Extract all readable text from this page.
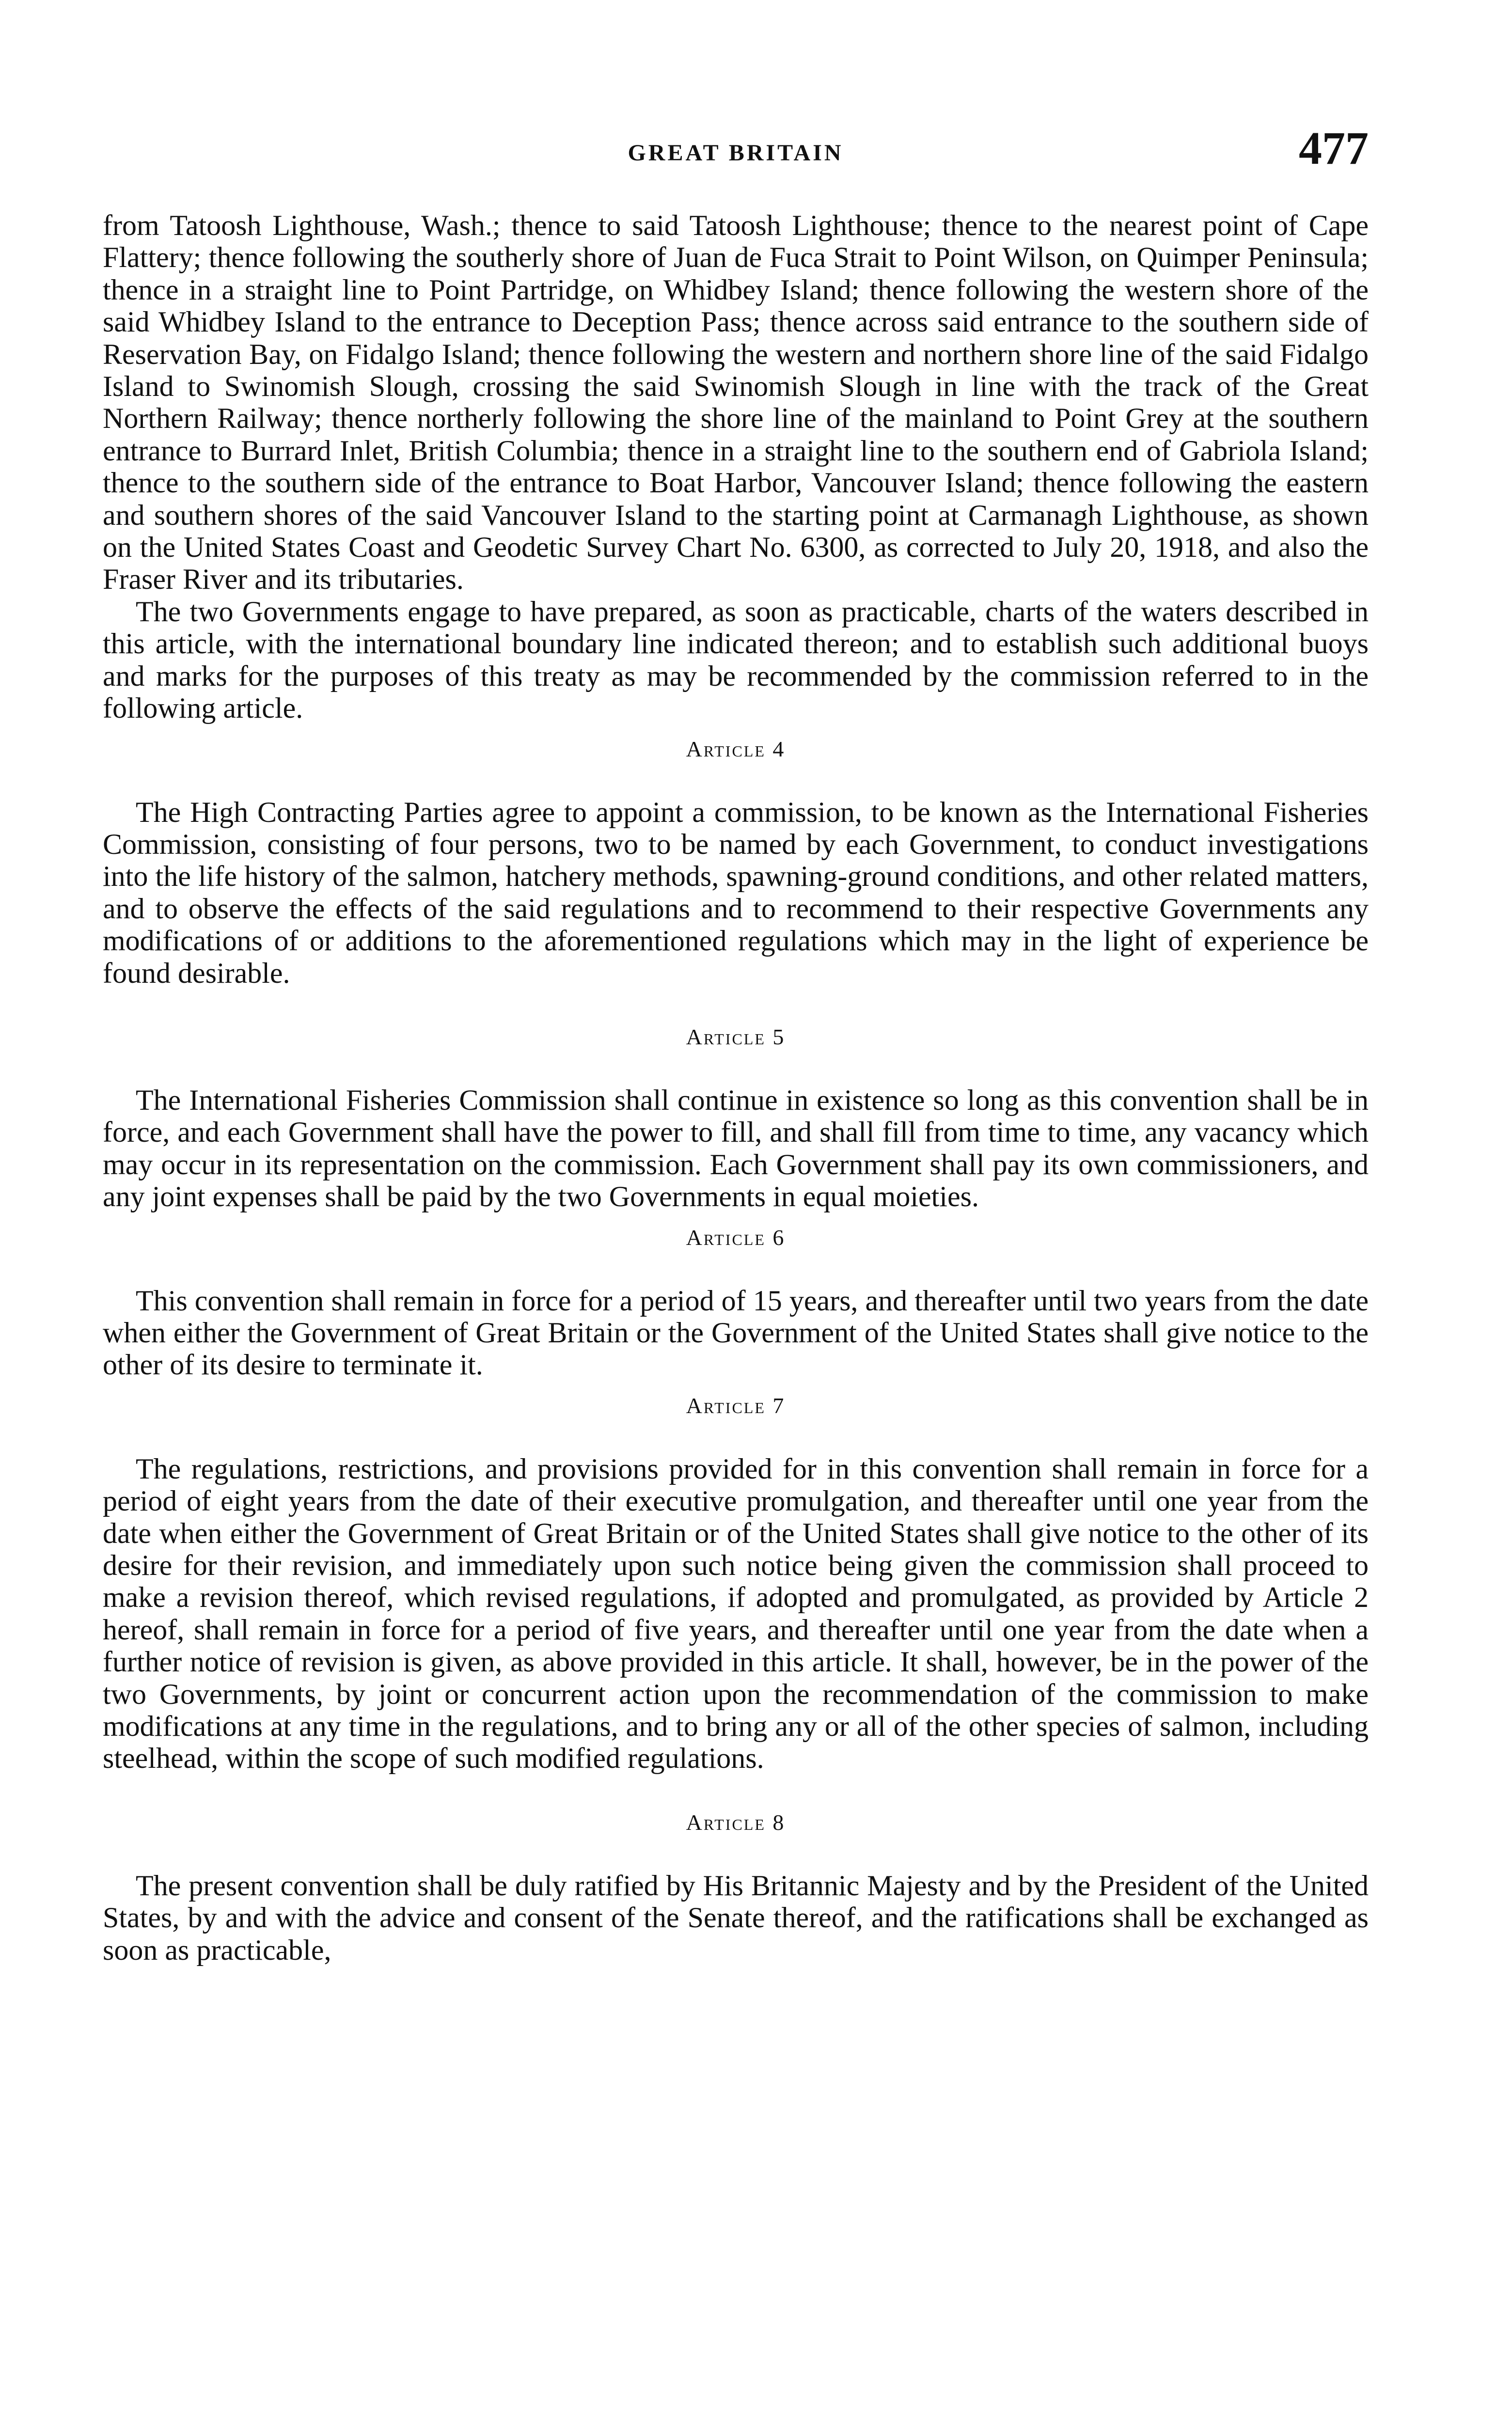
GREAT BRITAIN	477

from Tatoosh Lighthouse, Wash.; thence to said Tatoosh Lighthouse; thence to the nearest point of Cape Flattery; thence following the southerly shore of Juan de Fuca Strait to Point Wilson, on Quimper Peninsula; thence in a straight line to Point Partridge, on Whidbey Island; thence following the western shore of the said Whidbey Island to the entrance to Deception Pass; thence across said entrance to the southern side of Reservation Bay, on Fidalgo Island; thence following the western and northern shore line of the said Fidalgo Island to Swinomish Slough, crossing the said Swinomish Slough in line with the track of the Great Northern Railway; thence northerly following the shore line of the mainland to Point Grey at the southern entrance to Burrard Inlet, British Columbia; thence in a straight line to the southern end of Gabriola Island; thence to the southern side of the entrance to Boat Harbor, Vancouver Island; thence following the eastern and southern shores of the said Vancouver Island to the starting point at Carmanagh Lighthouse, as shown on the United States Coast and Geodetic Survey Chart No. 6300, as corrected to July 20, 1918, and also the Fraser River and its tributaries.

The two Governments engage to have prepared, as soon as practicable, charts of the waters described in this article, with the international boundary line indicated thereon; and to establish such additional buoys and marks for the purposes of this treaty as may be recommended by the commission referred to in the following article.

Article 4

The High Contracting Parties agree to appoint a commission, to be known as the International Fisheries Commission, consisting of four persons, two to be named by each Government, to conduct investigations into the life history of the salmon, hatchery methods, spawning-ground conditions, and other related matters, and to observe the effects of the said regulations and to recommend to their respective Governments any modifications of or additions to the aforementioned regulations which may in the light of experience be found desirable.

Article 5

The International Fisheries Commission shall continue in existence so long as this convention shall be in force, and each Government shall have the power to fill, and shall fill from time to time, any vacancy which may occur in its representation on the commission. Each Government shall pay its own commissioners, and any joint expenses shall be paid by the two Governments in equal moieties.

Article 6

This convention shall remain in force for a period of 15 years, and thereafter until two years from the date when either the Government of Great Britain or the Government of the United States shall give notice to the other of its desire to terminate it.

Article 7

The regulations, restrictions, and provisions provided for in this convention shall remain in force for a period of eight years from the date of their executive promulgation, and thereafter until one year from the date when either the Government of Great Britain or of the United States shall give notice to the other of its desire for their revision, and immediately upon such notice being given the commission shall proceed to make a revision thereof, which revised regulations, if adopted and promulgated, as provided by Article 2 hereof, shall remain in force for a period of five years, and thereafter until one year from the date when a further notice of revision is given, as above provided in this article. It shall, however, be in the power of the two Governments, by joint or concurrent action upon the recommendation of the commission to make modifications at any time in the regulations, and to bring any or all of the other species of salmon, including steelhead, within the scope of such modified regulations.

Article 8

The present convention shall be duly ratified by His Britannic Majesty and by the President of the United States, by and with the advice and consent of the Senate thereof, and the ratifications shall be exchanged as soon as practicable,
